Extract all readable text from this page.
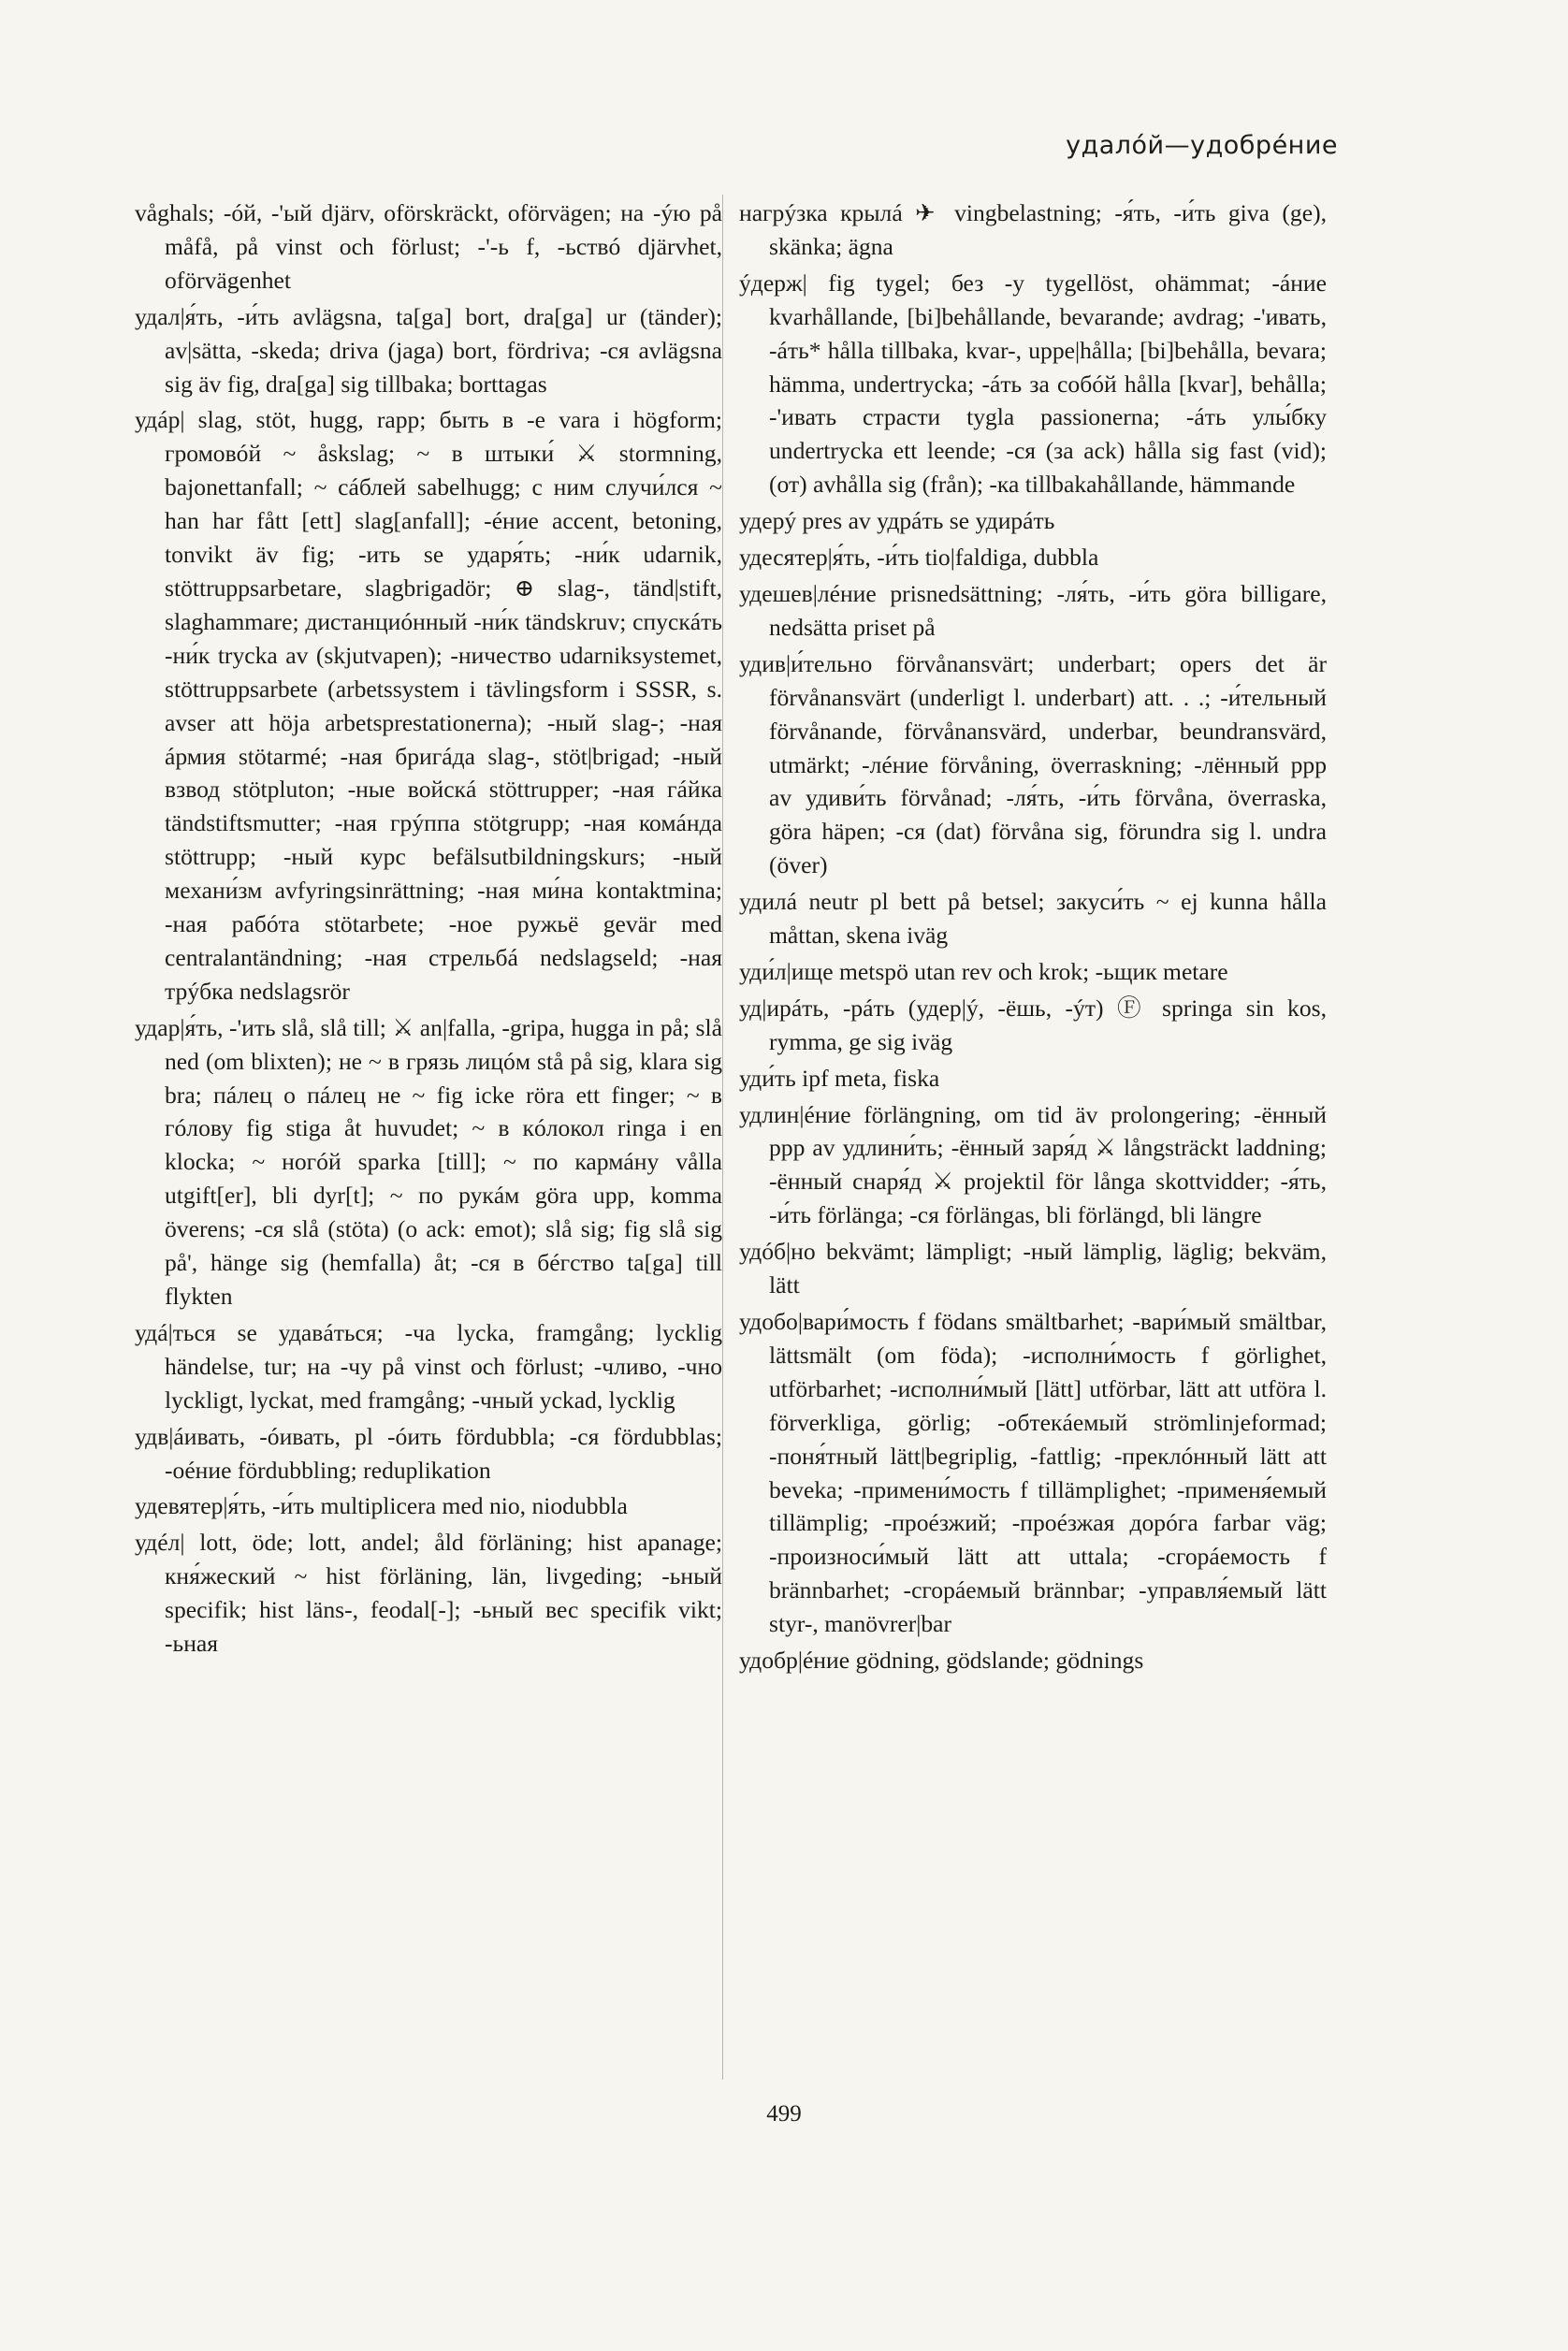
удалóй—удобрéние

våghals; -óй, -'ый djärv, oförskräckt, oförvägen; на -ýю på måfå, på vinst och förlust; -'-ь f, -ьствó djärvhet, oförvägenhet

удал|я́ть, -и́ть avlägsna, ta[ga] bort, dra[ga] ur (tänder); av|sätta, -skeda; driva (jaga) bort, fördriva; -ся avlägsna sig äv fig, dra[ga] sig tillbaka; borttagas

удáр| slag, stöt, hugg, rapp; быть в -е vara i högform; громовóй ~ åskslag; ~ в штыки́ ⚔ stormning, bajonettanfall; ~ сáблей sabelhugg; с ним случи́лся ~ han har fått [ett] slag[anfall]; -éние accent, betoning, tonvikt äv fig; -ить se ударя́ть; -ни́к udarnik, stöttruppsarbetare, slagbrigadör; ⊕ slag-, tänd|stift, slaghammare; дистанциóнный -ни́к tändskruv; спускáть -ни́к trycka av (skjutvapen); -ничество udarniksystemet, stöttruppsarbete (arbetssystem i tävlingsform i SSSR, s. avser att höja arbetsprestationerna); -ный slag-; -ная áрмия stötarmé; -ная бригáда slag-, stöt|brigad; -ный взвод stötpluton; -ные войскá stöttrupper; -ная гáйка tändstiftsmutter; -ная грýппа stötgrupp; -ная комáнда stöttrupp; -ный курс befälsutbildningskurs; -ный механи́зм avfyringsinrättning; -ная ми́на kontaktmina; -ная рабóта stötarbete; -ное ружьё gevär med centralantändning; -ная стрельбá nedslagseld; -ная трýбка nedslagsrör

удар|я́ть, -'ить slå, slå till; ⚔ an|falla, -gripa, hugga in på; slå ned (om blixten); не ~ в грязь лицóм stå på sig, klara sig bra; пáлец о пáлец не ~ fig icke röra ett finger; ~ в гóлову fig stiga åt huvudet; ~ в кóлокол ringa i en klocka; ~ ногóй sparka [till]; ~ по кармáну vålla utgift[er], bli dyr[t]; ~ по рукáм göra upp, komma överens; -ся slå (stöta) (о ack: emot); slå sig; fig slå sig på', hänge sig (hemfalla) åt; -ся в бéгство ta[ga] till flykten

удá|ться se удавáться; -ча lycka, framgång; lycklig händelse, tur; на -чу på vinst och förlust; -чливо, -чно lyckligt, lyckat, med framgång; -чный yckad, lycklig

удв|áивать, -óивать, pl -óить fördubbla; -ся fördubblas; -оéние fördubbling; reduplikation

удевятер|я́ть, -и́ть multiplicera med nio, niodubbla

удéл| lott, öde; lott, andel; åld förläning; hist apanage; кня́жеский ~ hist förläning, län, livgeding; -ьный specifik; hist läns-, feodal[-]; -ьный вес specifik vikt; -ьная

нагрýзка крылá ✈ vingbelastning; -я́ть, -и́ть giva (ge), skänka; ägna

ýдерж| fig tygel; без -у tygellöst, ohämmat; -áние kvarhållande, [bi]behållande, bevarande; avdrag; -'ивать, -áть* hålla tillbaka, kvar-, uppe|hålla; [bi]behålla, bevara; hämma, undertrycka; -áть за собóй hålla [kvar], behålla; -'ивать страсти tygla passionerna; -áть улы́бку undertrycka ett leende; -ся (за ack) hålla sig fast (vid); (от) avhålla sig (från); -ка tillbakahållande, hämmande

удерý pres av удрáть se удирáть

удесятер|я́ть, -и́ть tio|faldiga, dubbla

удешев|лéние prisnedsättning; -ля́ть, -и́ть göra billigare, nedsätta priset på

удив|и́тельно förvånansvärt; underbart; opers det är förvånansvärt (underligt l. underbart) att. . .; -и́тельный förvånande, förvånansvärd, underbar, beundransvärd, utmärkt; -лéние förvåning, överraskning; -лённый ppp av удиви́ть förvånad; -ля́ть, -и́ть förvåna, överraska, göra häpen; -ся (dat) förvåna sig, förundra sig l. undra (över)

удилá neutr pl bett på betsel; закуси́ть ~ ej kunna hålla måttan, skena iväg

уди́л|ище metspö utan rev och krok; -ьщик metare

уд|ирáть, -рáть (удер|ý, -ёшь, -ýт) Ⓕ springa sin kos, rymma, ge sig iväg

уди́ть ipf meta, fiska

удлин|éние förlängning, om tid äv prolongering; -ённый ppp av удлини́ть; -ённый заря́д ⚔ långsträckt laddning; -ённый снаря́д ⚔ projektil för långa skottvidder; -я́ть, -и́ть förlänga; -ся förlängas, bli förlängd, bli längre

удóб|но bekvämt; lämpligt; -ный lämplig, läglig; bekväm, lätt

удобо|вари́мость f födans smältbarhet; -вари́мый smältbar, lättsmält (om föda); -исполни́мость f görlighet, utförbarhet; -исполни́мый [lätt] utförbar, lätt att utföra l. förverkliga, görlig; -обтекáемый strömlinjeformad; -поня́тный lätt|begriplig, -fattlig; -преклóнный lätt att beveka; -примени́мость f tillämplighet; -применя́емый tillämplig; -проéзжий; -проéзжая дорóга farbar väg; -произноси́мый lätt att uttala; -сгорáемость f brännbarhet; -сгорáемый brännbar; -управля́емый lätt styr-, manövrer|bar

удобр|éние gödning, gödslande; gödnings

499
